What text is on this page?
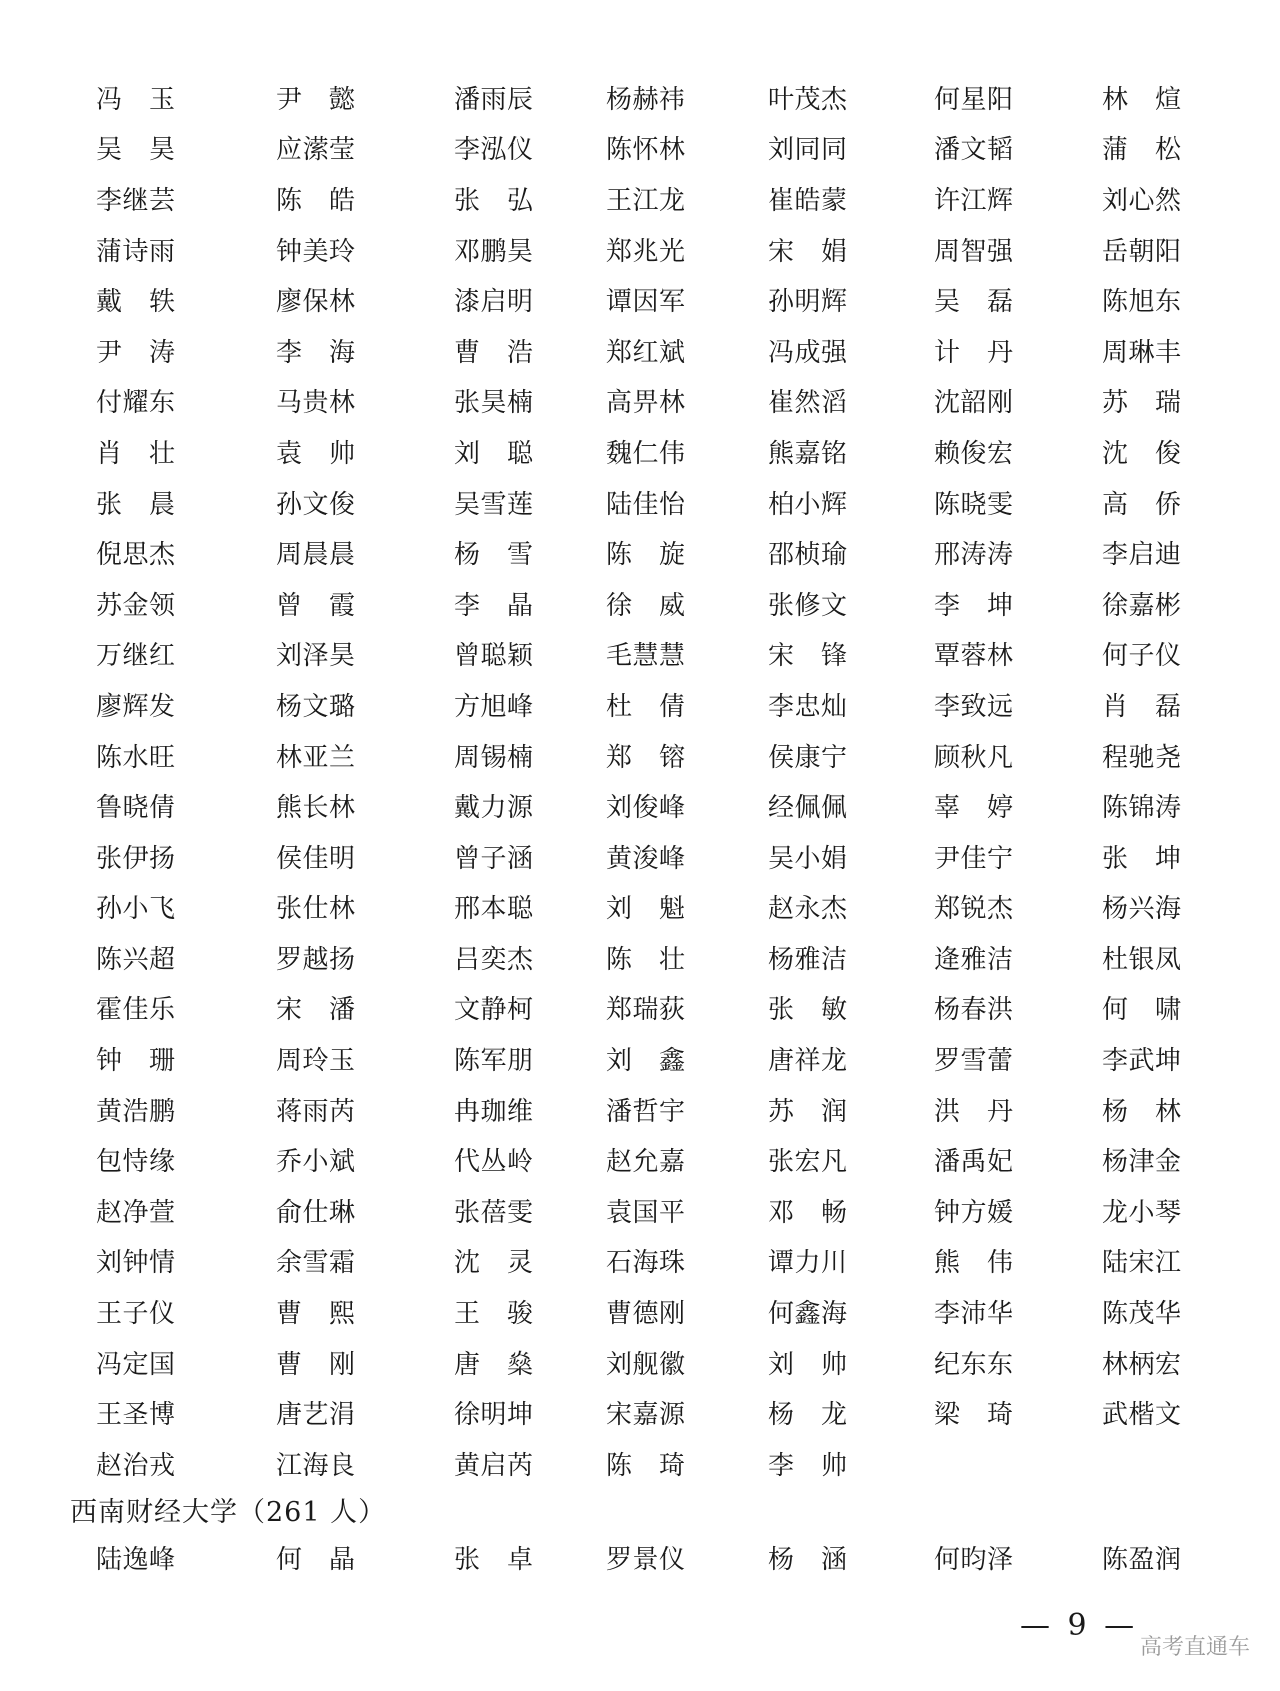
冯　玉	尹　懿	潘雨辰	杨赫祎	叶茂杰	何星阳	林　煊
吴　昊	应潆莹	李泓仪	陈怀林	刘同同	潘文韬	蒲　松
李继芸	陈　皓	张　弘	王江龙	崔皓蒙	许江辉	刘心然
蒲诗雨	钟美玲	邓鹏昊	郑兆光	宋　娟	周智强	岳朝阳
戴　轶	廖保林	漆启明	谭因军	孙明辉	吴　磊	陈旭东
尹　涛	李　海	曹　浩	郑红斌	冯成强	计　丹	周琳丰
付耀东	马贵林	张昊楠	高畀林	崔然滔	沈韶刚	苏　瑞
肖　壮	袁　帅	刘　聪	魏仁伟	熊嘉铭	赖俊宏	沈　俊
张　晨	孙文俊	吴雪莲	陆佳怡	柏小辉	陈晓雯	高　侨
倪思杰	周晨晨	杨　雪	陈　旋	邵桢瑜	邢涛涛	李启迪
苏金领	曾　霞	李　晶	徐　威	张修文	李　坤	徐嘉彬
万继红	刘泽昊	曾聪颖	毛慧慧	宋　锋	覃蓉林	何子仪
廖辉发	杨文璐	方旭峰	杜　倩	李忠灿	李致远	肖　磊
陈水旺	林亚兰	周锡楠	郑　镕	侯康宁	顾秋凡	程驰尧
鲁晓倩	熊长林	戴力源	刘俊峰	经佩佩	辜　婷	陈锦涛
张伊扬	侯佳明	曾子涵	黄浚峰	吴小娟	尹佳宁	张　坤
孙小飞	张仕林	邢本聪	刘　魁	赵永杰	郑锐杰	杨兴海
陈兴超	罗越扬	吕奕杰	陈　壮	杨雅洁	逄雅洁	杜银凤
霍佳乐	宋　潘	文静柯	郑瑞荻	张　敏	杨春洪	何　啸
钟　珊	周玲玉	陈军朋	刘　鑫	唐祥龙	罗雪蕾	李武坤
黄浩鹏	蒋雨芮	冉珈维	潘哲宇	苏　润	洪　丹	杨　林
包恃缘	乔小斌	代丛岭	赵允嘉	张宏凡	潘禹妃	杨津金
赵净萱	俞仕琳	张蓓雯	袁国平	邓　畅	钟方媛	龙小琴
刘钟情	余雪霜	沈　灵	石海珠	谭力川	熊　伟	陆宋江
王子仪	曹　熙	王　骏	曹德刚	何鑫海	李沛华	陈茂华
冯定国	曹　刚	唐　燊	刘舰徽	刘　帅	纪东东	林柄宏
王圣博	唐艺涓	徐明坤	宋嘉源	杨　龙	梁　琦	武楷文
赵治戎	江海良	黄启芮	陈　琦	李　帅
西南财经大学（261 人）
陆逸峰	何　晶	张　卓	罗景仪	杨　涵	何昀泽	陈盈润
— 9 —
高考直通车
